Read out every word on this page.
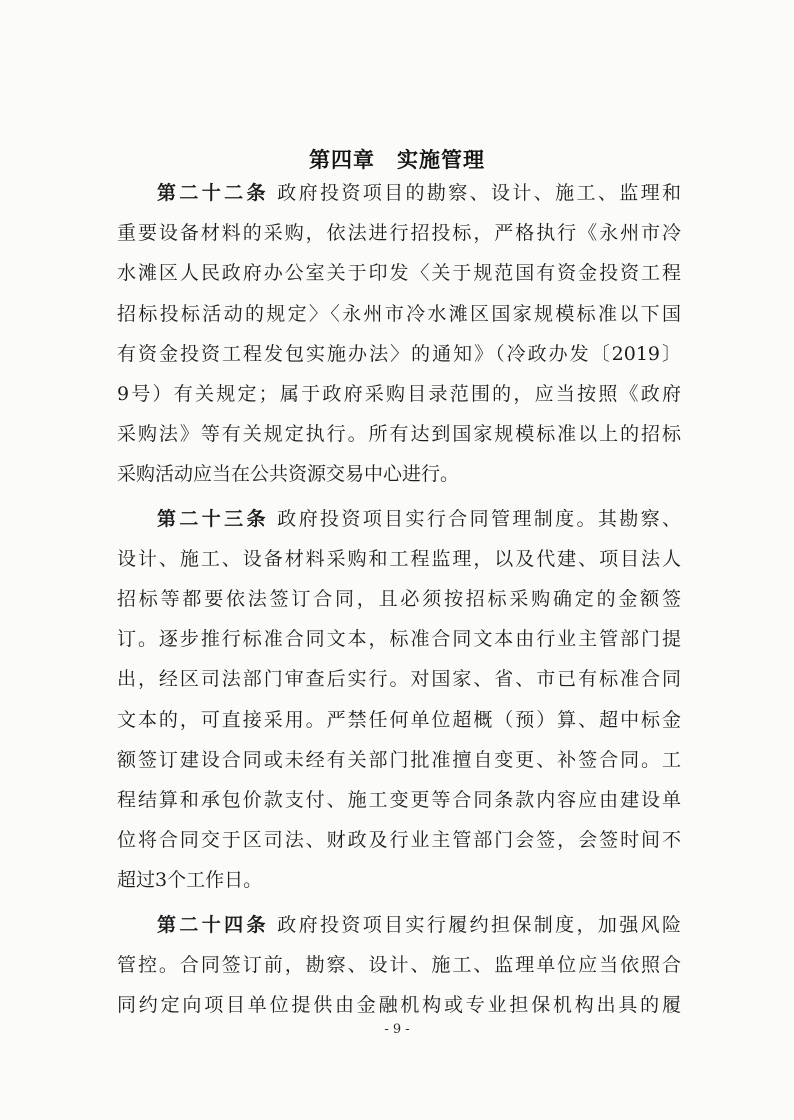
第四章　实施管理
第二十二条 政府投资项目的勘察、设计、施工、监理和
重要设备材料的采购，依法进行招投标，严格执行《永州市冷
水滩区人民政府办公室关于印发〈关于规范国有资金投资工程
招标投标活动的规定〉〈永州市冷水滩区国家规模标准以下国
有资金投资工程发包实施办法〉的通知》（冷政办发〔2019〕
9号）有关规定；属于政府采购目录范围的，应当按照《政府
采购法》等有关规定执行。所有达到国家规模标准以上的招标
采购活动应当在公共资源交易中心进行。
第二十三条 政府投资项目实行合同管理制度。其勘察、
设计、施工、设备材料采购和工程监理，以及代建、项目法人
招标等都要依法签订合同，且必须按招标采购确定的金额签
订。逐步推行标准合同文本，标准合同文本由行业主管部门提
出，经区司法部门审查后实行。对国家、省、市已有标准合同
文本的，可直接采用。严禁任何单位超概（预）算、超中标金
额签订建设合同或未经有关部门批准擅自变更、补签合同。工
程结算和承包价款支付、施工变更等合同条款内容应由建设单
位将合同交于区司法、财政及行业主管部门会签，会签时间不
超过3个工作日。
第二十四条 政府投资项目实行履约担保制度，加强风险
管控。合同签订前，勘察、设计、施工、监理单位应当依照合
同约定向项目单位提供由金融机构或专业担保机构出具的履
- 9 -
